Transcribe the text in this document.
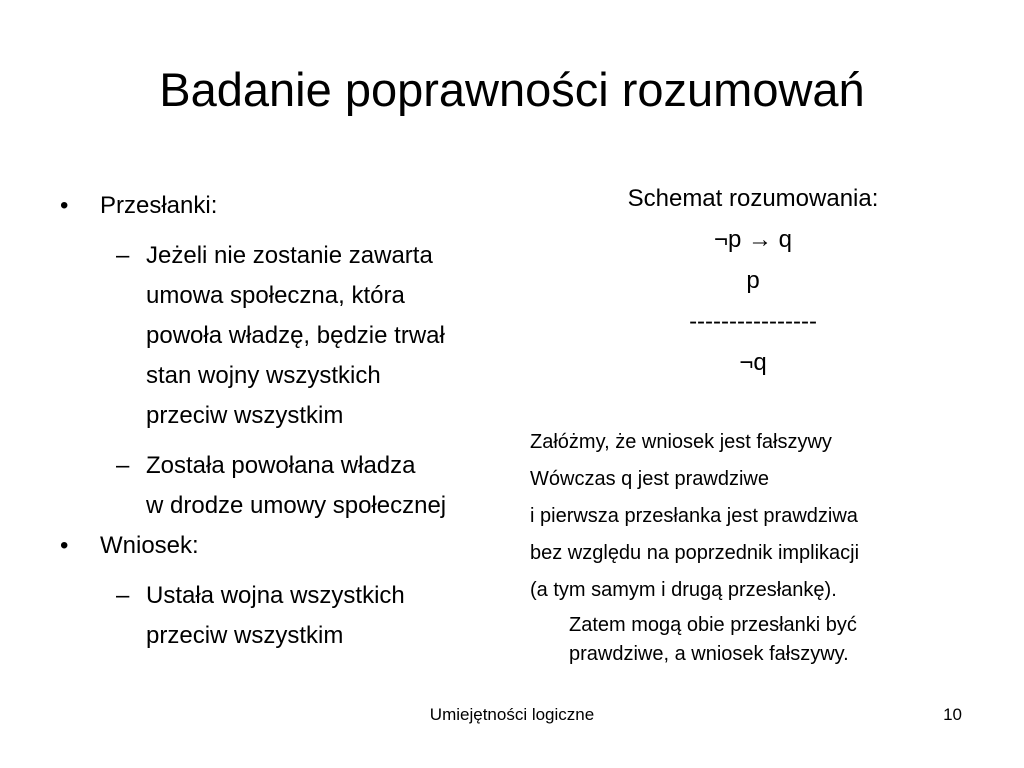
Badanie poprawności rozumowań
• Przesłanki:
– Jeżeli nie zostanie zawarta
umowa społeczna, która
powoła władzę, będzie trwał
stan wojny wszystkich
przeciw wszystkim
– Została powołana władza
w drodze umowy społecznej
• Wniosek:
– Ustała wojna wszystkich
przeciw wszystkim
Schemat rozumowania:
¬p → q
p
----------------
¬q
Załóżmy, że wniosek jest fałszywy
Wówczas q jest prawdziwe
i pierwsza przesłanka jest prawdziwa
bez względu na poprzednik implikacji
(a tym samym i drugą przesłankę).
Zatem mogą obie przesłanki być
prawdziwe, a wniosek fałszywy.
Umiejętności logiczne	10
